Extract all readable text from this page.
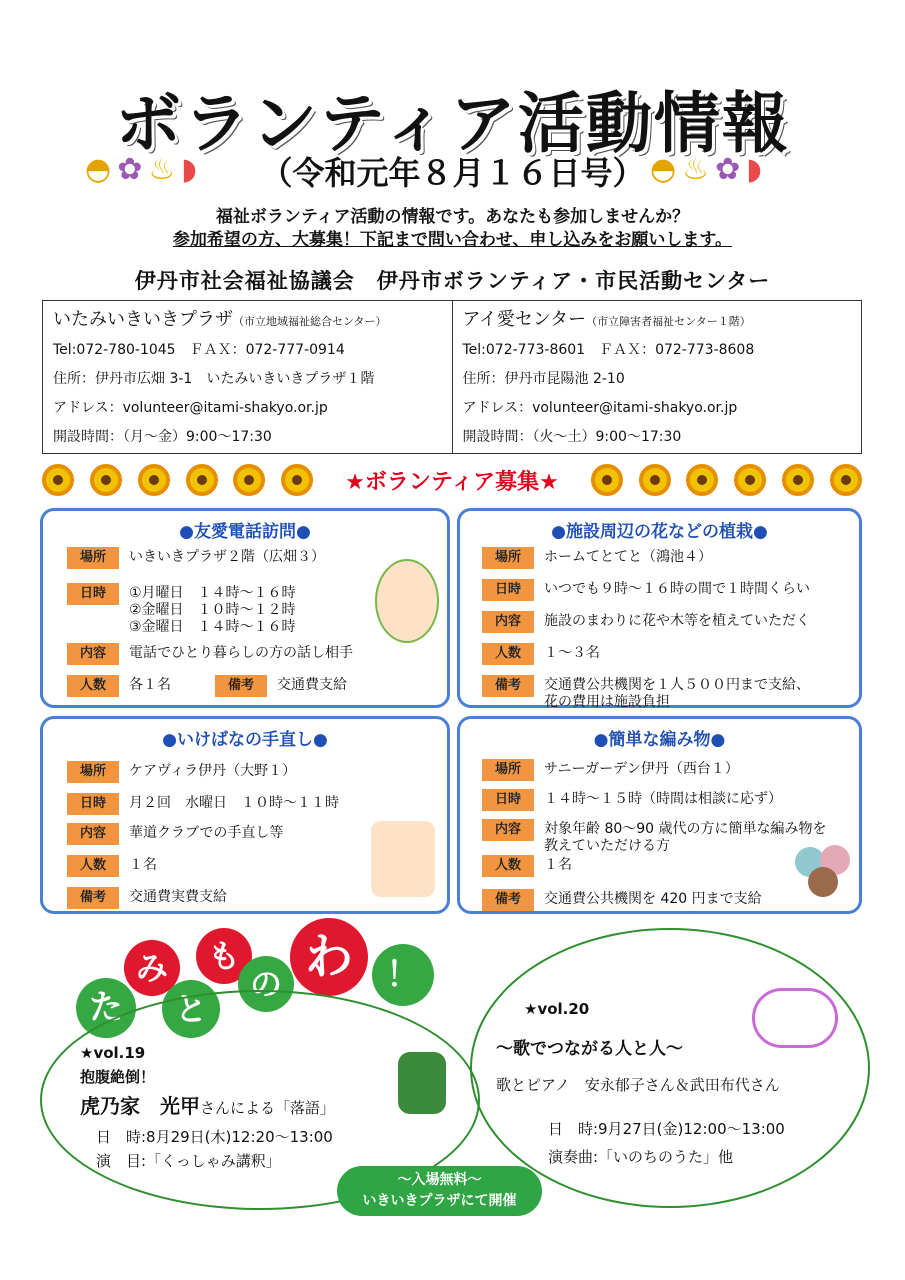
ボランティア活動情報
◓ ✿ ♨ ◗	（令和元年８月１６日号） ◓ ♨ ✿ ◗
福祉ボランティア活動の情報です。あなたも参加しませんか？
参加希望の方、大募集！下記まで問い合わせ、申し込みをお願いします。
伊丹市社会福祉協議会　伊丹市ボランティア・市民活動センター
いたみいきいきプラザ（市立地域福祉総合センター）
Tel:072-780-1045　ＦＡＸ：072-777-0914
住所：伊丹市広畑 3-1　いたみいきいきプラザ１階
アドレス：volunteer@itami-shakyo.or.jp
開設時間：（月～金）9:00～17:30
アイ愛センター（市立障害者福祉センター１階）
Tel:072-773-8601　ＦＡＸ：072-773-8608
住所：伊丹市昆陽池 2-10
アドレス：volunteer@itami-shakyo.or.jp
開設時間：（火～土）9:00～17:30
★ボランティア募集★
●友愛電話訪問●
場所	いきいきプラザ２階（広畑３）
日時	①月曜日　１４時～１６時
②金曜日　１０時～１２時
③金曜日　１４時～１６時
内容	電話でひとり暮らしの方の話し相手
人数	各１名	備考	交通費支給
●施設周辺の花などの植栽●
場所	ホームてとてと（鴻池４）
日時	いつでも９時～１６時の間で１時間くらい
内容	施設のまわりに花や木等を植えていただく
人数	１～３名
備考	交通費公共機関を１人５００円まで支給、
花の費用は施設負担
●いけばなの手直し●
場所	ケアヴィラ伊丹（大野１）
日時	月２回　水曜日　１０時～１１時
内容	華道クラブでの手直し等
人数	１名
備考	交通費実費支給
●簡単な編み物●
場所	サニーガーデン伊丹（西台１）
日時	１４時～１５時（時間は相談に応ず）
内容	対象年齢 80～90 歳代の方に簡単な編み物を
教えていただける方
人数	１名
備考	交通費公共機関を 420 円まで支給
た
み
と
も
の わ ！
★vol.19
抱腹絶倒！
虎乃家　光甲さんによる「落語」
日　時:8月29日(木)12:20～13:00
演　目:「くっしゃみ講釈」
★vol.20
～歌でつながる人と人～
歌とピアノ　安永郁子さん＆武田布代さん
日　時:9月27日(金)12:00～13:00
演奏曲:「いのちのうた」他
～入場無料～
いきいきプラザにて開催
